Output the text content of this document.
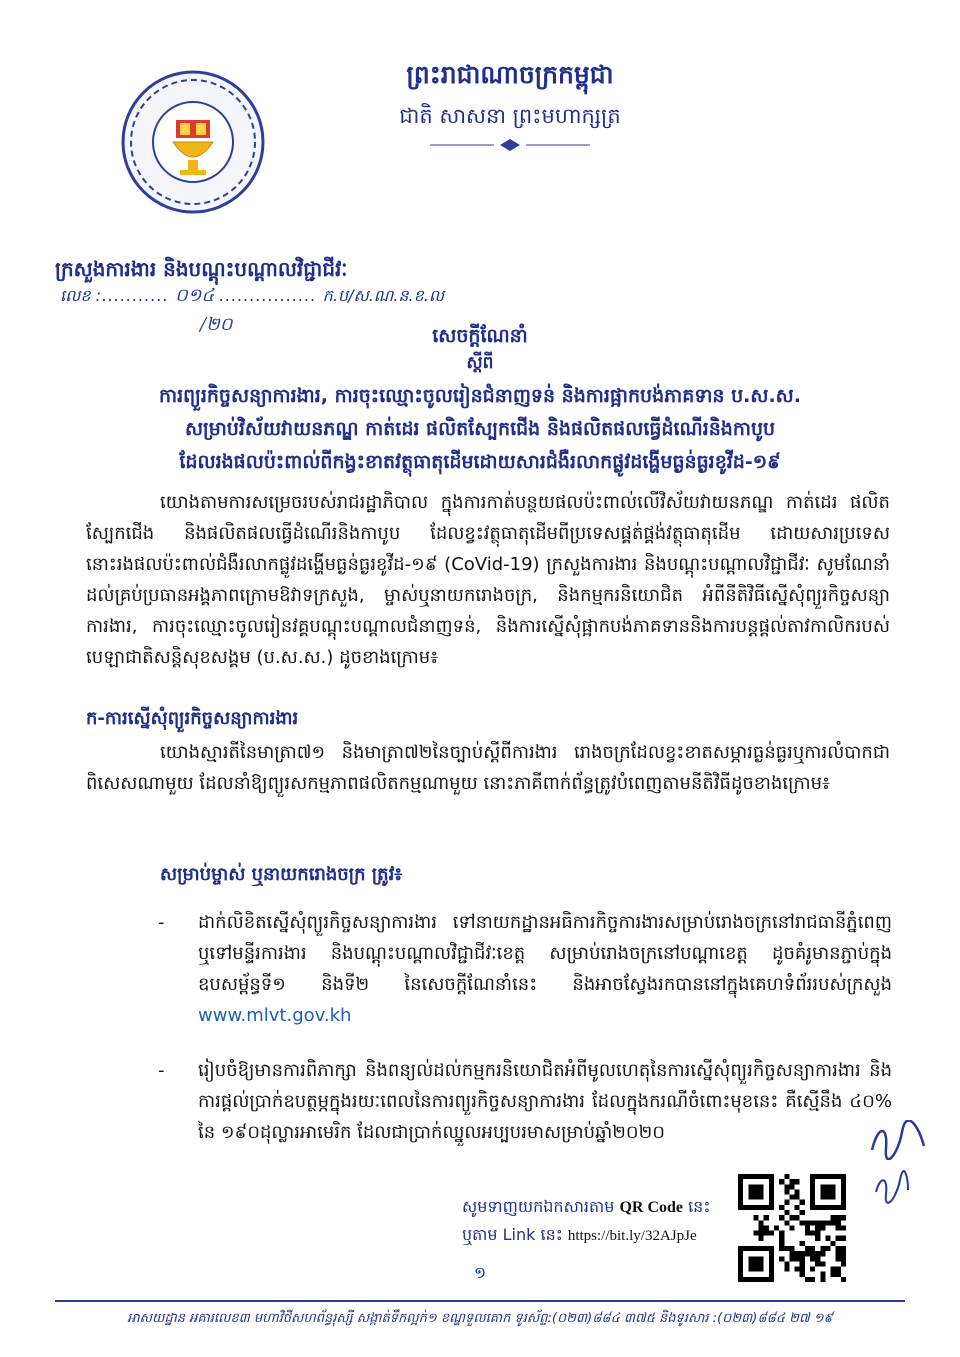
ព្រះរាជាណាចក្រកម្ពុជា
ជាតិ សាសនា ព្រះមហាក្សត្រ
ក្រសួងការងារ និងបណ្តុះបណ្តាលវិជ្ជាជីវៈ
លេខ :........... ០១៤ ................ ក.ប/ស.ណ.ន.ខ.ល
/២០
សេចក្តីណែនាំ
ស្តីពី
ការព្យួរកិច្ចសន្យាការងារ, ការចុះឈ្មោះចូលរៀនជំនាញទន់ និងការផ្អាកបង់ភាគទាន ប.ស.ស.
សម្រាប់វិស័យវាយនភណ្ឌ កាត់ដេរ ផលិតស្បែកជើង និងផលិតផលធ្វើដំណើរនិងកាបូប
ដែលរងផលប៉ះពាល់ពីកង្វះខាតវត្ថុធាតុដើមដោយសារជំងឺរលាកផ្លូវដង្ហើមធ្ងន់ធ្ងរខូវីដ-១៩
យោងតាមការសម្រេចរបស់រាជរដ្ឋាភិបាល ក្នុងការកាត់បន្ថយផលប៉ះពាល់លើវិស័យវាយនភណ្ឌ កាត់ដេរ ផលិតស្បែកជើង និងផលិតផលធ្វើដំណើរនិងកាបូប ដែលខ្វះវត្ថុធាតុដើមពីប្រទេសផ្គត់ផ្គង់វត្ថុធាតុដើម ដោយសារប្រទេសនោះរងផលប៉ះពាល់ជំងឺរលាកផ្លូវដង្ហើមធ្ងន់ធ្ងរខូវីដ-១៩ (CoVid-19) ក្រសួងការងារ និងបណ្តុះបណ្តាលវិជ្ជាជីវៈ សូមណែនាំដល់គ្រប់ប្រធានអង្គភាពក្រោមឱវាទក្រសួង, ម្ចាស់ឬនាយករោងចក្រ, និងកម្មករនិយោជិត អំពីនីតិវិធីស្នើសុំព្យួរកិច្ចសន្យាការងារ, ការចុះឈ្មោះចូលរៀនវគ្គបណ្តុះបណ្តាលជំនាញទន់, និងការស្នើសុំផ្អាកបង់ភាគទាននិងការបន្តផ្តល់តាវកាលិករបស់បេឡាជាតិសន្តិសុខសង្គម (ប.ស.ស.) ដូចខាងក្រោម៖
ក-ការស្នើសុំព្យួរកិច្ចសន្យាការងារ
យោងស្មារតីនៃមាត្រា៧១ និងមាត្រា៧២នៃច្បាប់ស្តីពីការងារ រោងចក្រដែលខ្វះខាតសម្ភារធ្ងន់ធ្ងរឬការលំបាកជាពិសេសណាមួយ ដែលនាំឱ្យព្យួរសកម្មភាពផលិតកម្មណាមួយ នោះភាគីពាក់ព័ន្ធត្រូវបំពេញតាមនីតិវិធីដូចខាងក្រោម៖
សម្រាប់ម្ចាស់ ឬនាយករោងចក្រ ត្រូវ៖
- ដាក់លិខិតស្នើសុំព្យួរកិច្ចសន្យាការងារ ទៅនាយកដ្ឋានអធិការកិច្ចការងារសម្រាប់រោងចក្រនៅរាជធានីភ្នំពេញ ឬទៅមន្ទីរការងារ និងបណ្តុះបណ្តាលវិជ្ជាជីវៈខេត្ត សម្រាប់រោងចក្រនៅបណ្តាខេត្ត ដូចគំរូមានភ្ជាប់ក្នុងឧបសម្ព័ន្ធទី១ និងទី២ នៃសេចក្តីណែនាំនេះ និងអាចស្វែងរកបាននៅក្នុងគេហទំព័ររបស់ក្រសួង www.mlvt.gov.kh
- រៀបចំឱ្យមានការពិភាក្សា និងពន្យល់ដល់កម្មករនិយោជិតអំពីមូលហេតុនៃការស្នើសុំព្យួរកិច្ចសន្យាការងារ និងការផ្តល់ប្រាក់ឧបត្ថម្ភក្នុងរយៈពេលនៃការព្យួរកិច្ចសន្យាការងារ ដែលក្នុងករណីចំពោះមុខនេះ គឺស្មើនឹង ៤០% នៃ ១៩០ដុល្លារអាមេរិក ដែលជាប្រាក់ឈ្នួលអប្បបរមាសម្រាប់ឆ្នាំ២០២០
សូមទាញយកឯកសារតាម QR Code នេះ
ឬតាម Link នេះ https://bit.ly/32AJpJe
១
អាសយដ្ឋាន អគារលេខ៣ មហាវិថីសហព័ន្ធរុស្សី សង្កាត់ទឹកល្អក់១ ខណ្ឌទួលគោក ទូរស័ព្ទ:(០២៣)៨៨៤ ៣៧៥ និងទូរសារ :(០២៣)៨៨៤ ២៧ ១៩
